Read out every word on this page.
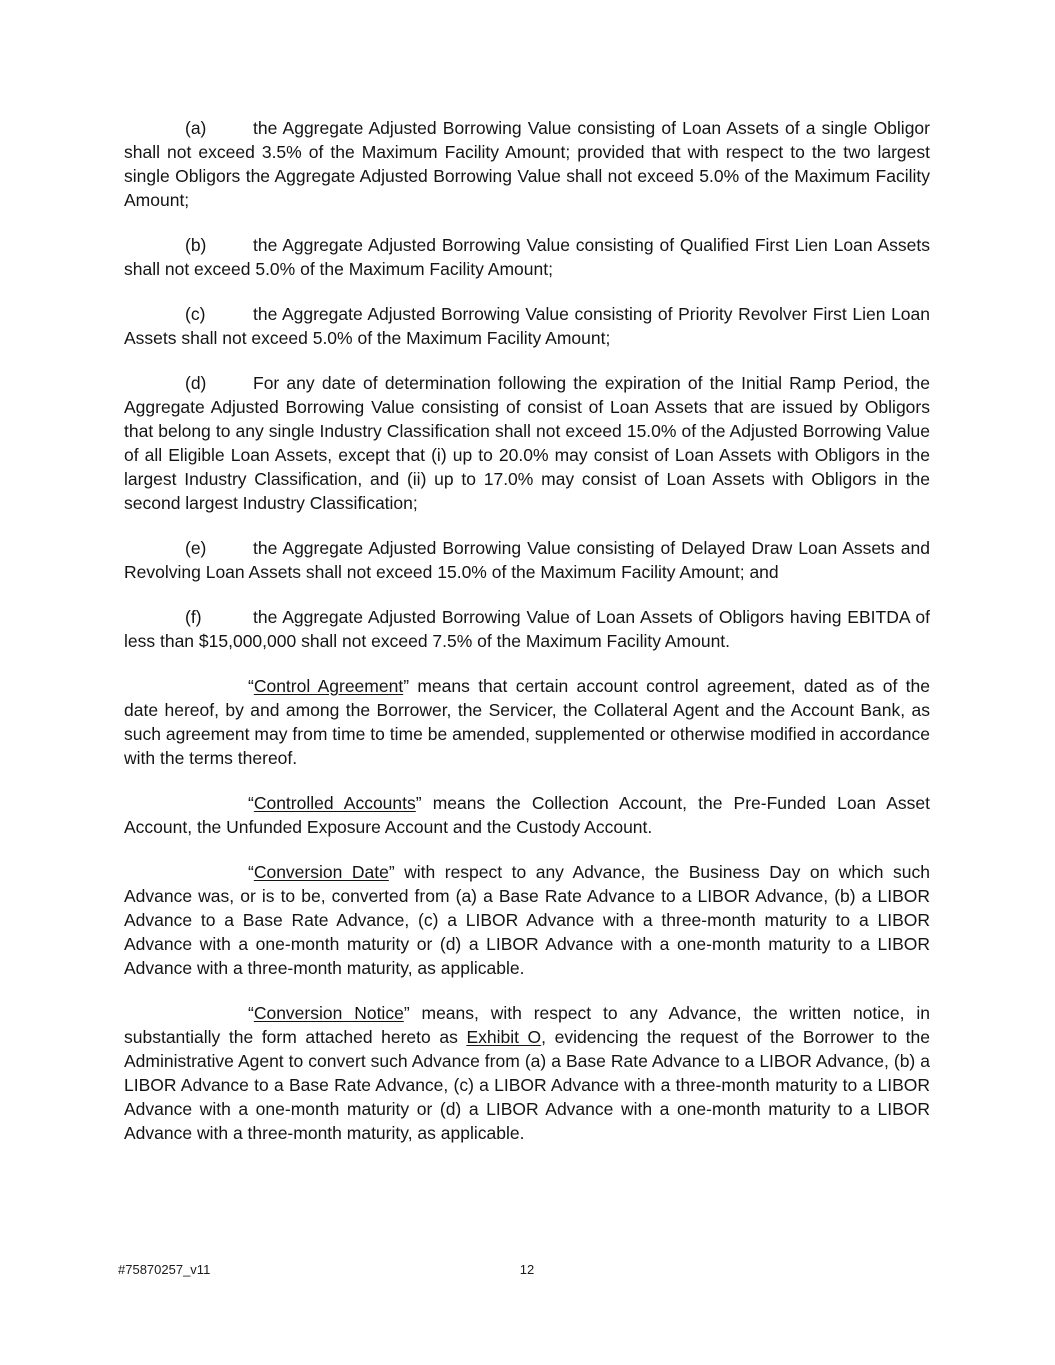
(a)	the Aggregate Adjusted Borrowing Value consisting of Loan Assets of a single Obligor shall not exceed 3.5% of the Maximum Facility Amount; provided that with respect to the two largest single Obligors the Aggregate Adjusted Borrowing Value shall not exceed 5.0% of the Maximum Facility Amount;

(b)	the Aggregate Adjusted Borrowing Value consisting of Qualified First Lien Loan Assets shall not exceed 5.0% of the Maximum Facility Amount;

(c)	the Aggregate Adjusted Borrowing Value consisting of Priority Revolver First Lien Loan Assets shall not exceed 5.0% of the Maximum Facility Amount;

(d)	For any date of determination following the expiration of the Initial Ramp Period, the Aggregate Adjusted Borrowing Value consisting of consist of Loan Assets that are issued by Obligors that belong to any single Industry Classification shall not exceed 15.0% of the Adjusted Borrowing Value of all Eligible Loan Assets, except that (i) up to 20.0% may consist of Loan Assets with Obligors in the largest Industry Classification, and (ii) up to 17.0% may consist of Loan Assets with Obligors in the second largest Industry Classification;

(e)	the Aggregate Adjusted Borrowing Value consisting of Delayed Draw Loan Assets and Revolving Loan Assets shall not exceed 15.0% of the Maximum Facility Amount; and

(f)	the Aggregate Adjusted Borrowing Value of Loan Assets of Obligors having EBITDA of less than $15,000,000 shall not exceed 7.5% of the Maximum Facility Amount.

“Control Agreement” means that certain account control agreement, dated as of the date hereof, by and among the Borrower, the Servicer, the Collateral Agent and the Account Bank, as such agreement may from time to time be amended, supplemented or otherwise modified in accordance with the terms thereof.

“Controlled Accounts” means the Collection Account, the Pre-Funded Loan Asset Account, the Unfunded Exposure Account and the Custody Account.

“Conversion Date” with respect to any Advance, the Business Day on which such Advance was, or is to be, converted from (a) a Base Rate Advance to a LIBOR Advance, (b) a LIBOR Advance to a Base Rate Advance, (c) a LIBOR Advance with a three-month maturity to a LIBOR Advance with a one-month maturity or (d) a LIBOR Advance with a one-month maturity to a LIBOR Advance with a three-month maturity, as applicable.

“Conversion Notice” means, with respect to any Advance, the written notice, in substantially the form attached hereto as Exhibit O, evidencing the request of the Borrower to the Administrative Agent to convert such Advance from (a) a Base Rate Advance to a LIBOR Advance, (b) a LIBOR Advance to a Base Rate Advance, (c) a LIBOR Advance with a three-month maturity to a LIBOR Advance with a one-month maturity or (d) a LIBOR Advance with a one-month maturity to a LIBOR Advance with a three-month maturity, as applicable.

#75870257_v11	12
